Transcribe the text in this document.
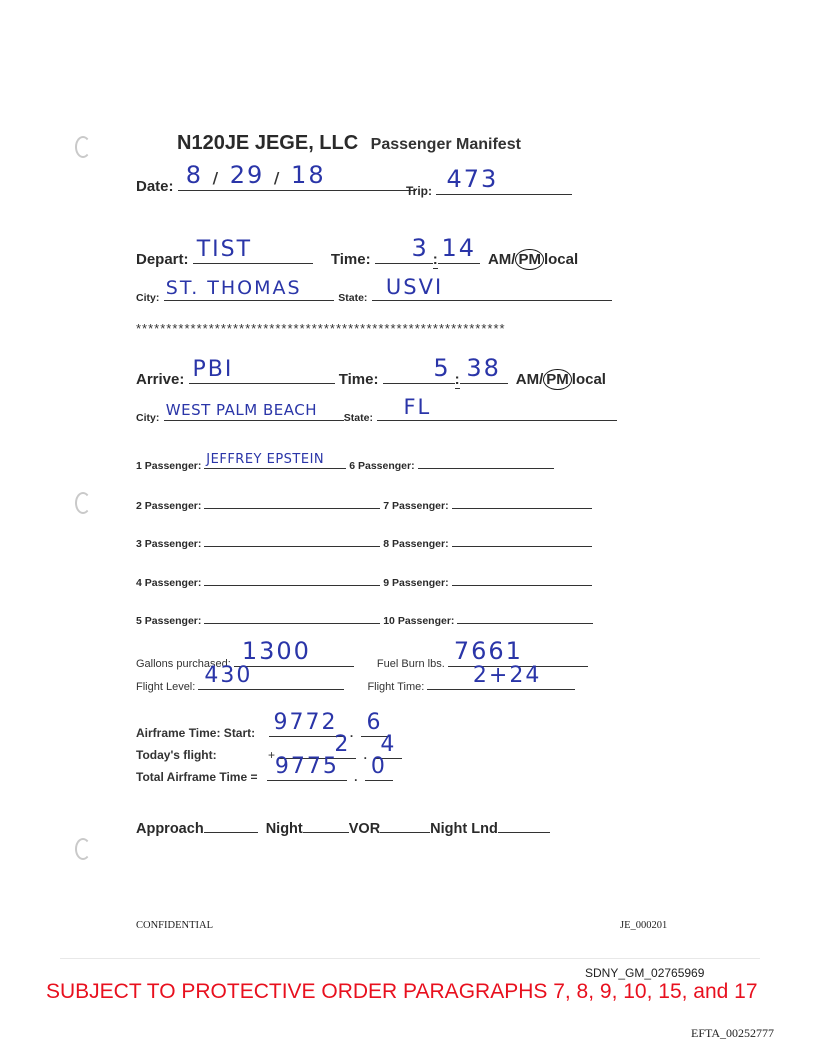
N120JE JEGE, LLC Passenger Manifest
Date: 8 / 29 / 18
Trip: 473
Depart: TIST	Time:	3 : 14 AM/ PM local
City: ST. THOMAS	State: USVI
*************************************************************
Arrive: PBI	Time:	5 : 38 AM/ PM local
City: WEST PALM BEACH	State: FL
1 Passenger: JEFFREY EPSTEIN	6 Passenger:
2 Passenger:	7 Passenger:
3 Passenger:	8 Passenger:
4 Passenger:	9 Passenger:
5 Passenger:	10 Passenger:
Gallons purchased: 1300	Fuel Burn lbs. 7661
Flight Level: 430	Flight Time:	2+24
Airframe Time: Start: 9772	. 6
Today's flight:	+	2 . 4
Total Airframe Time = 9775	. 0
Approach	Night	VOR	Night Lnd
CONFIDENTIAL	JE_000201
SDNY_GM_02765969
SUBJECT TO PROTECTIVE ORDER PARAGRAPHS 7, 8, 9, 10, 15, and 17
EFTA_00252777
